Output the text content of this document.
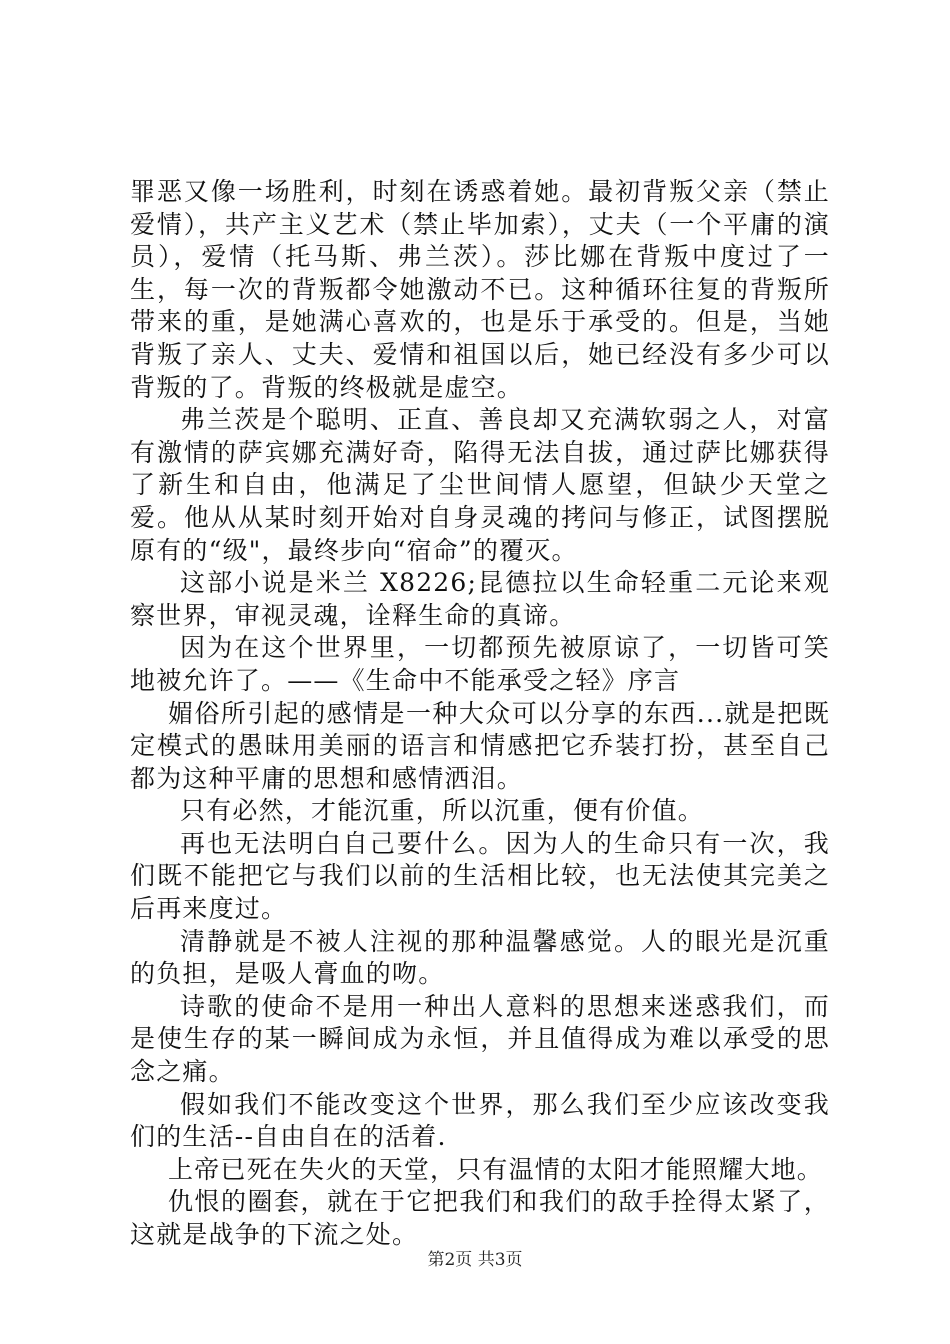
罪恶又像一场胜利，时刻在诱惑着她。最初背叛父亲（禁止爱情），共产主义艺术（禁止毕加索），丈夫（一个平庸的演员），爱情（托马斯、弗兰茨）。莎比娜在背叛中度过了一生，每一次的背叛都令她激动不已。这种循环往复的背叛所带来的重，是她满心喜欢的，也是乐于承受的。但是，当她背叛了亲人、丈夫、爱情和祖国以后，她已经没有多少可以背叛的了。背叛的终极就是虚空。

弗兰茨是个聪明、正直、善良却又充满软弱之人，对富有激情的萨宾娜充满好奇，陷得无法自拔，通过萨比娜获得了新生和自由，他满足了尘世间情人愿望，但缺少天堂之爱。他从从某时刻开始对自身灵魂的拷问与修正，试图摆脱原有的“级"，最终步向“宿命”的覆灭。

这部小说是米兰 X8226;昆德拉以生命轻重二元论来观察世界，审视灵魂，诠释生命的真谛。

因为在这个世界里，一切都预先被原谅了，一切皆可笑地被允许了。——《生命中不能承受之轻》序言

媚俗所引起的感情是一种大众可以分享的东西...就是把既定模式的愚昧用美丽的语言和情感把它乔装打扮，甚至自己都为这种平庸的思想和感情洒泪。

只有必然，才能沉重，所以沉重，便有价值。

再也无法明白自己要什么。因为人的生命只有一次，我们既不能把它与我们以前的生活相比较，也无法使其完美之后再来度过。

清静就是不被人注视的那种温馨感觉。人的眼光是沉重的负担，是吸人膏血的吻。

诗歌的使命不是用一种出人意料的思想来迷惑我们，而是使生存的某一瞬间成为永恒，并且值得成为难以承受的思念之痛。

假如我们不能改变这个世界，那么我们至少应该改变我们的生活--自由自在的活着.

上帝已死在失火的天堂，只有温情的太阳才能照耀大地。

仇恨的圈套，就在于它把我们和我们的敌手拴得太紧了，这就是战争的下流之处。

第2页 共3页
